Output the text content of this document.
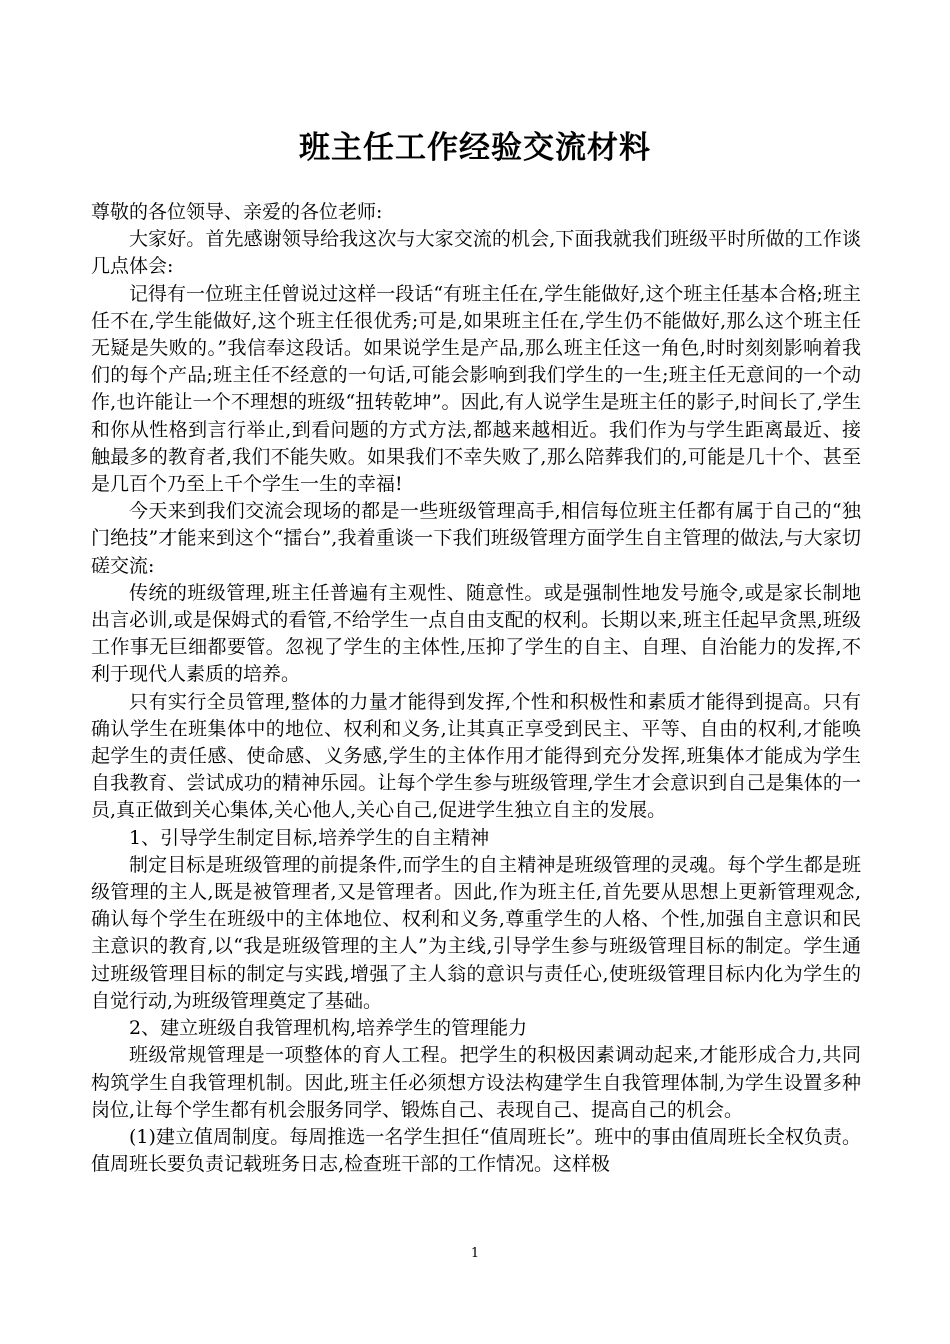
班主任工作经验交流材料

尊敬的各位领导、亲爱的各位老师:

大家好。首先感谢领导给我这次与大家交流的机会,下面我就我们班级平时所做的工作谈几点体会:

记得有一位班主任曾说过这样一段话“有班主任在,学生能做好,这个班主任基本合格;班主任不在,学生能做好,这个班主任很优秀;可是,如果班主任在,学生仍不能做好,那么这个班主任无疑是失败的。”我信奉这段话。如果说学生是产品,那么班主任这一角色,时时刻刻影响着我们的每个产品;班主任不经意的一句话,可能会影响到我们学生的一生;班主任无意间的一个动作,也许能让一个不理想的班级“扭转乾坤”。因此,有人说学生是班主任的影子,时间长了,学生和你从性格到言行举止,到看问题的方式方法,都越来越相近。我们作为与学生距离最近、接触最多的教育者,我们不能失败。如果我们不幸失败了,那么陪葬我们的,可能是几十个、甚至是几百个乃至上千个学生一生的幸福!

今天来到我们交流会现场的都是一些班级管理高手,相信每位班主任都有属于自己的“独门绝技”才能来到这个“擂台”,我着重谈一下我们班级管理方面学生自主管理的做法,与大家切磋交流:

传统的班级管理,班主任普遍有主观性、随意性。或是强制性地发号施令,或是家长制地出言必训,或是保姆式的看管,不给学生一点自由支配的权利。长期以来,班主任起早贪黑,班级工作事无巨细都要管。忽视了学生的主体性,压抑了学生的自主、自理、自治能力的发挥,不利于现代人素质的培养。

只有实行全员管理,整体的力量才能得到发挥,个性和积极性和素质才能得到提高。只有确认学生在班集体中的地位、权利和义务,让其真正享受到民主、平等、自由的权利,才能唤起学生的责任感、使命感、义务感,学生的主体作用才能得到充分发挥,班集体才能成为学生自我教育、尝试成功的精神乐园。让每个学生参与班级管理,学生才会意识到自己是集体的一员,真正做到关心集体,关心他人,关心自己,促进学生独立自主的发展。

1、引导学生制定目标,培养学生的自主精神

制定目标是班级管理的前提条件,而学生的自主精神是班级管理的灵魂。每个学生都是班级管理的主人,既是被管理者,又是管理者。因此,作为班主任,首先要从思想上更新管理观念,确认每个学生在班级中的主体地位、权利和义务,尊重学生的人格、个性,加强自主意识和民主意识的教育,以“我是班级管理的主人”为主线,引导学生参与班级管理目标的制定。学生通过班级管理目标的制定与实践,增强了主人翁的意识与责任心,使班级管理目标内化为学生的自觉行动,为班级管理奠定了基础。

2、建立班级自我管理机构,培养学生的管理能力

班级常规管理是一项整体的育人工程。把学生的积极因素调动起来,才能形成合力,共同构筑学生自我管理机制。因此,班主任必须想方设法构建学生自我管理体制,为学生设置多种岗位,让每个学生都有机会服务同学、锻炼自己、表现自己、提高自己的机会。

(1)建立值周制度。每周推选一名学生担任“值周班长”。班中的事由值周班长全权负责。值周班长要负责记载班务日志,检查班干部的工作情况。这样极

1
